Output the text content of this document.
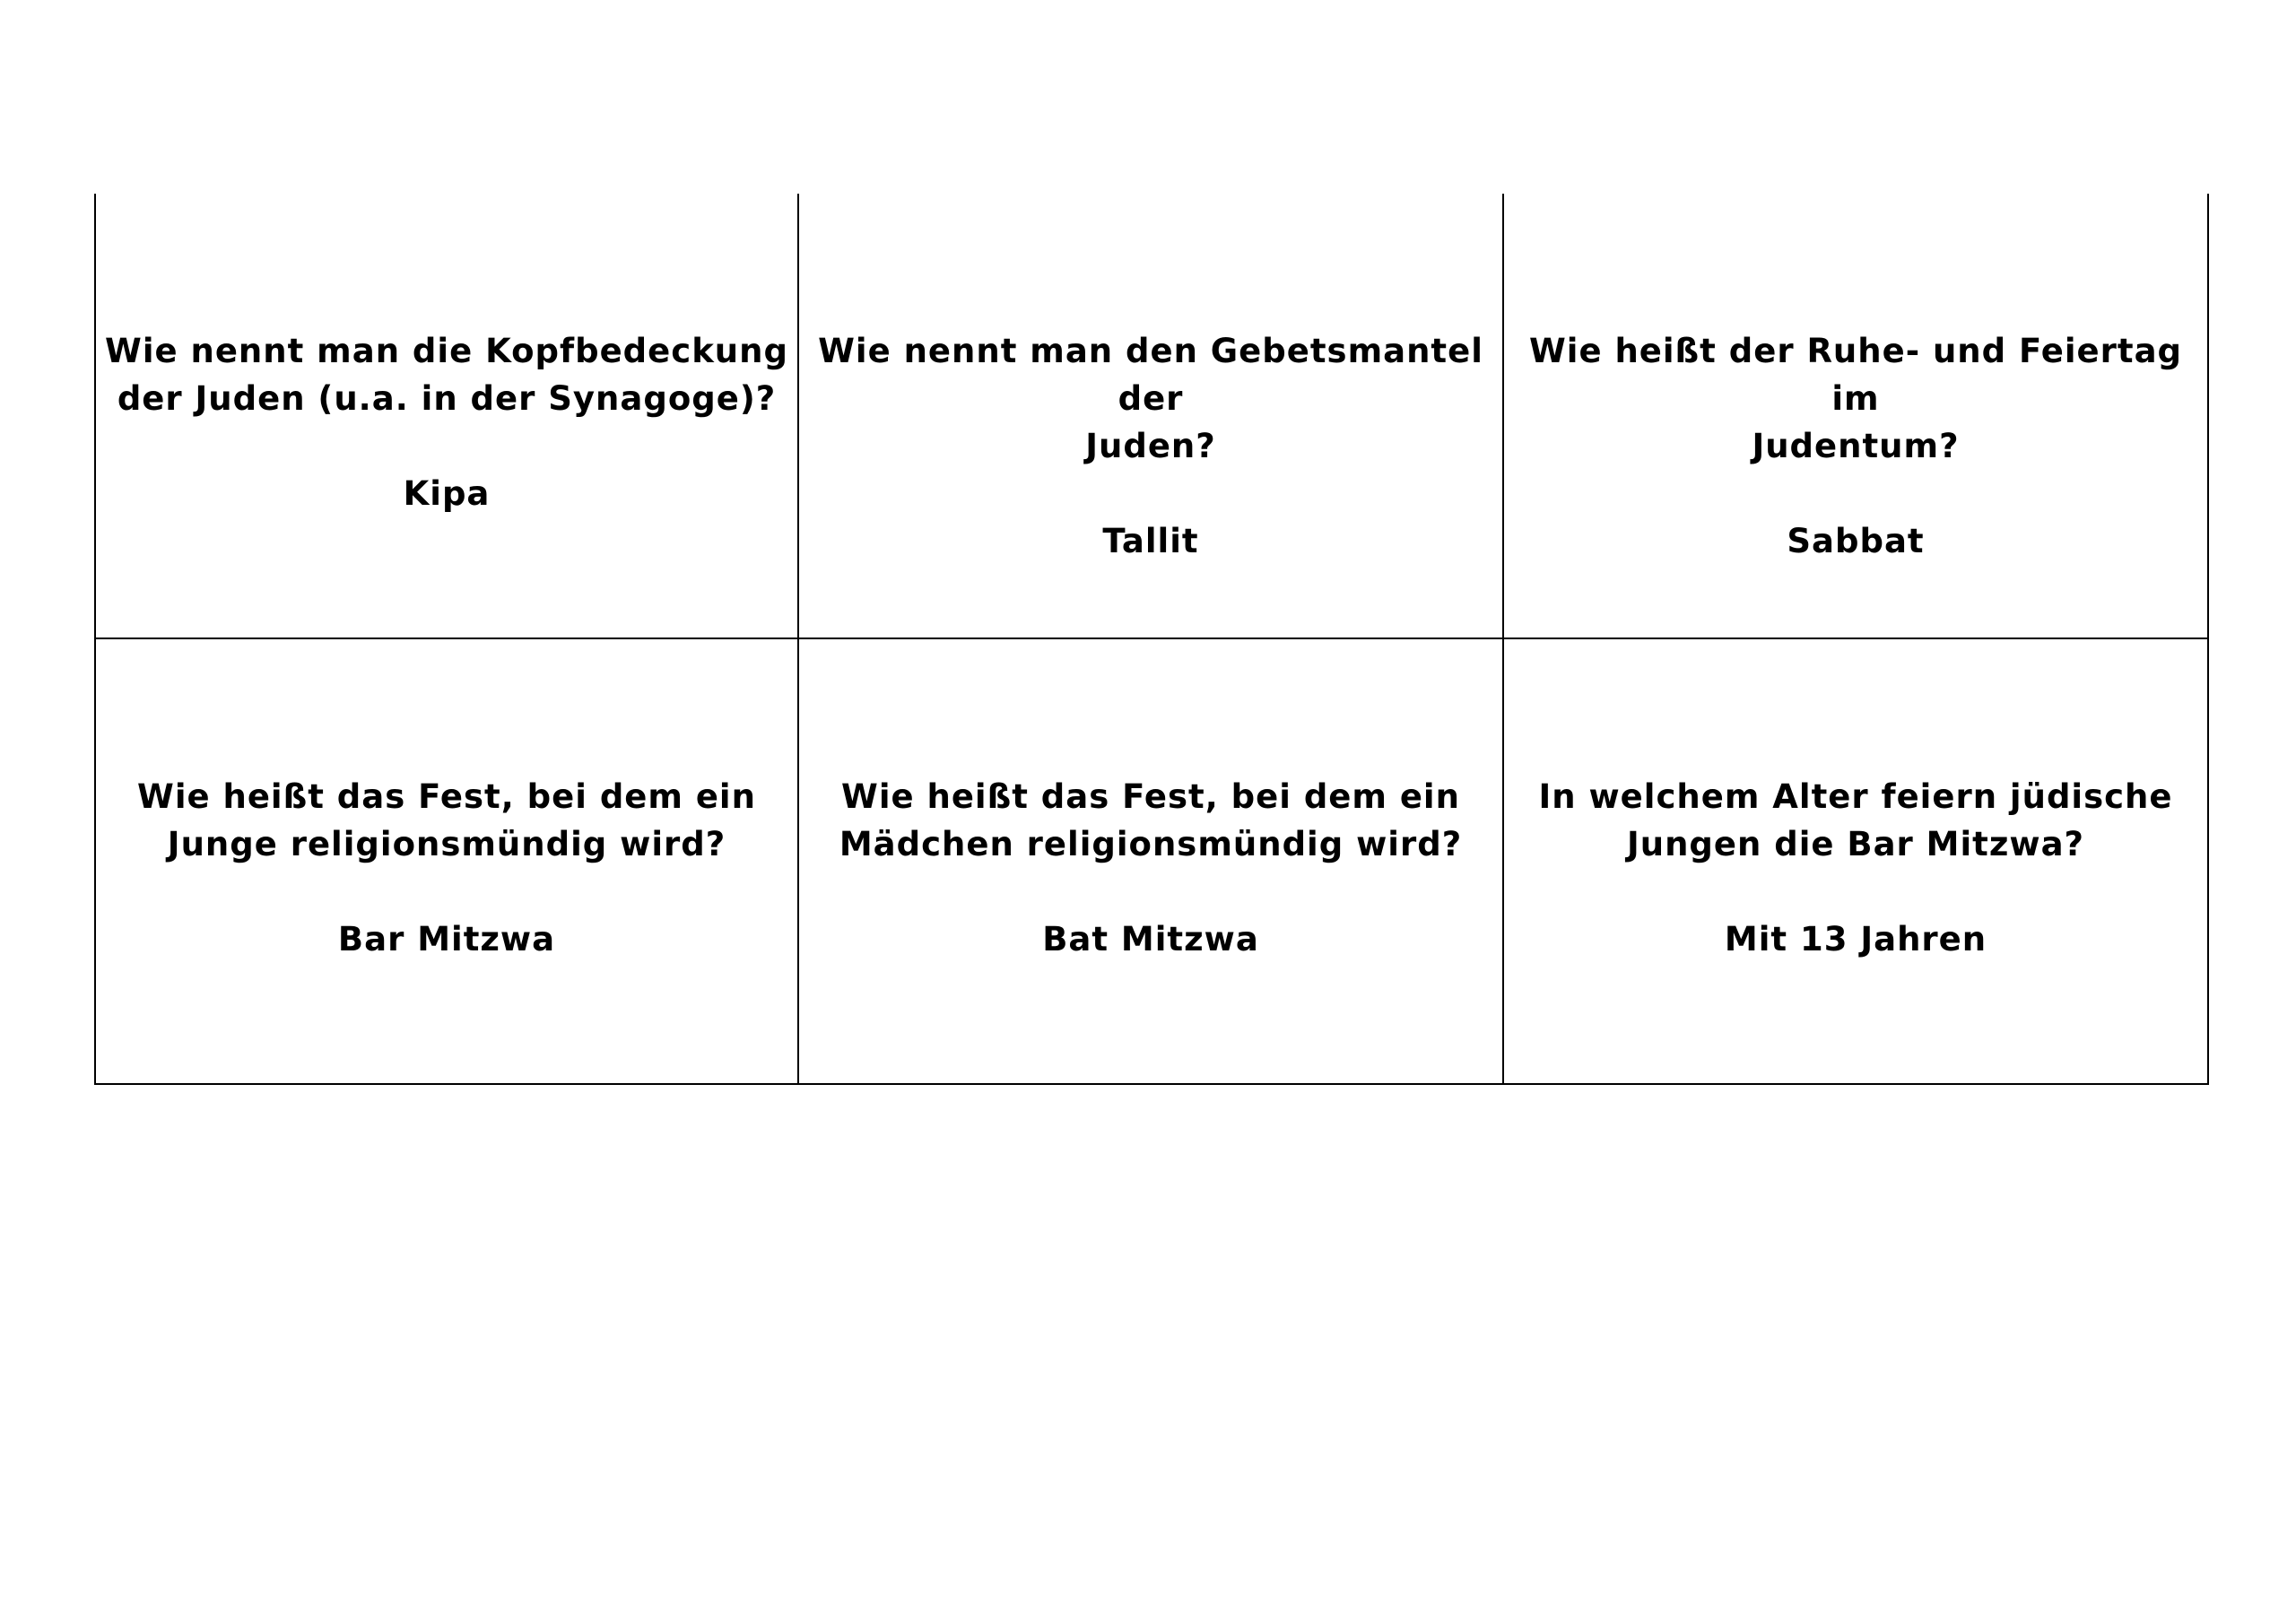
Wie nennt man die Kopfbedeckung
der Juden (u.a. in der Synagoge)?
Kipa
Wie nennt man den Gebetsmantel der
Juden?
Tallit
Wie heißt der Ruhe- und Feiertag im
Judentum?
Sabbat
Wie heißt das Fest, bei dem ein
Junge religionsmündig wird?
Bar Mitzwa
Wie heißt das Fest, bei dem ein
Mädchen religionsmündig wird?
Bat Mitzwa
In welchem Alter feiern jüdische
Jungen die Bar Mitzwa?
Mit 13 Jahren
